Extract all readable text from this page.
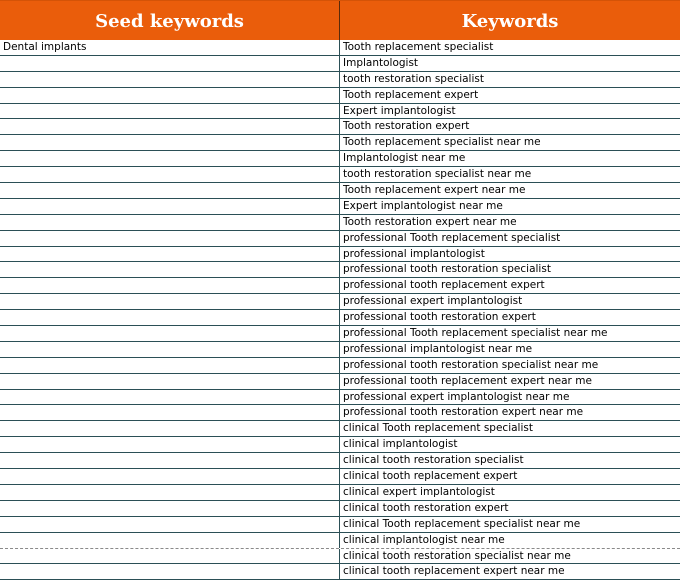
Seed keywords	Keywords
Dental implants	Tooth replacement specialist
Implantologist
tooth restoration specialist
Tooth replacement expert
Expert implantologist
Tooth restoration expert
Tooth replacement specialist near me
Implantologist near me
tooth restoration specialist near me
Tooth replacement expert near me
Expert implantologist near me
Tooth restoration expert near me
professional Tooth replacement specialist
professional implantologist
professional tooth restoration specialist
professional tooth replacement expert
professional expert implantologist
professional tooth restoration expert
professional Tooth replacement specialist near me
professional implantologist near me
professional tooth restoration specialist near me
professional tooth replacement expert near me
professional expert implantologist near me
professional tooth restoration expert near me
clinical Tooth replacement specialist
clinical implantologist
clinical tooth restoration specialist
clinical tooth replacement expert
clinical expert implantologist
clinical tooth restoration expert
clinical Tooth replacement specialist near me
clinical implantologist near me
clinical tooth restoration specialist near me
clinical tooth replacement expert near me
